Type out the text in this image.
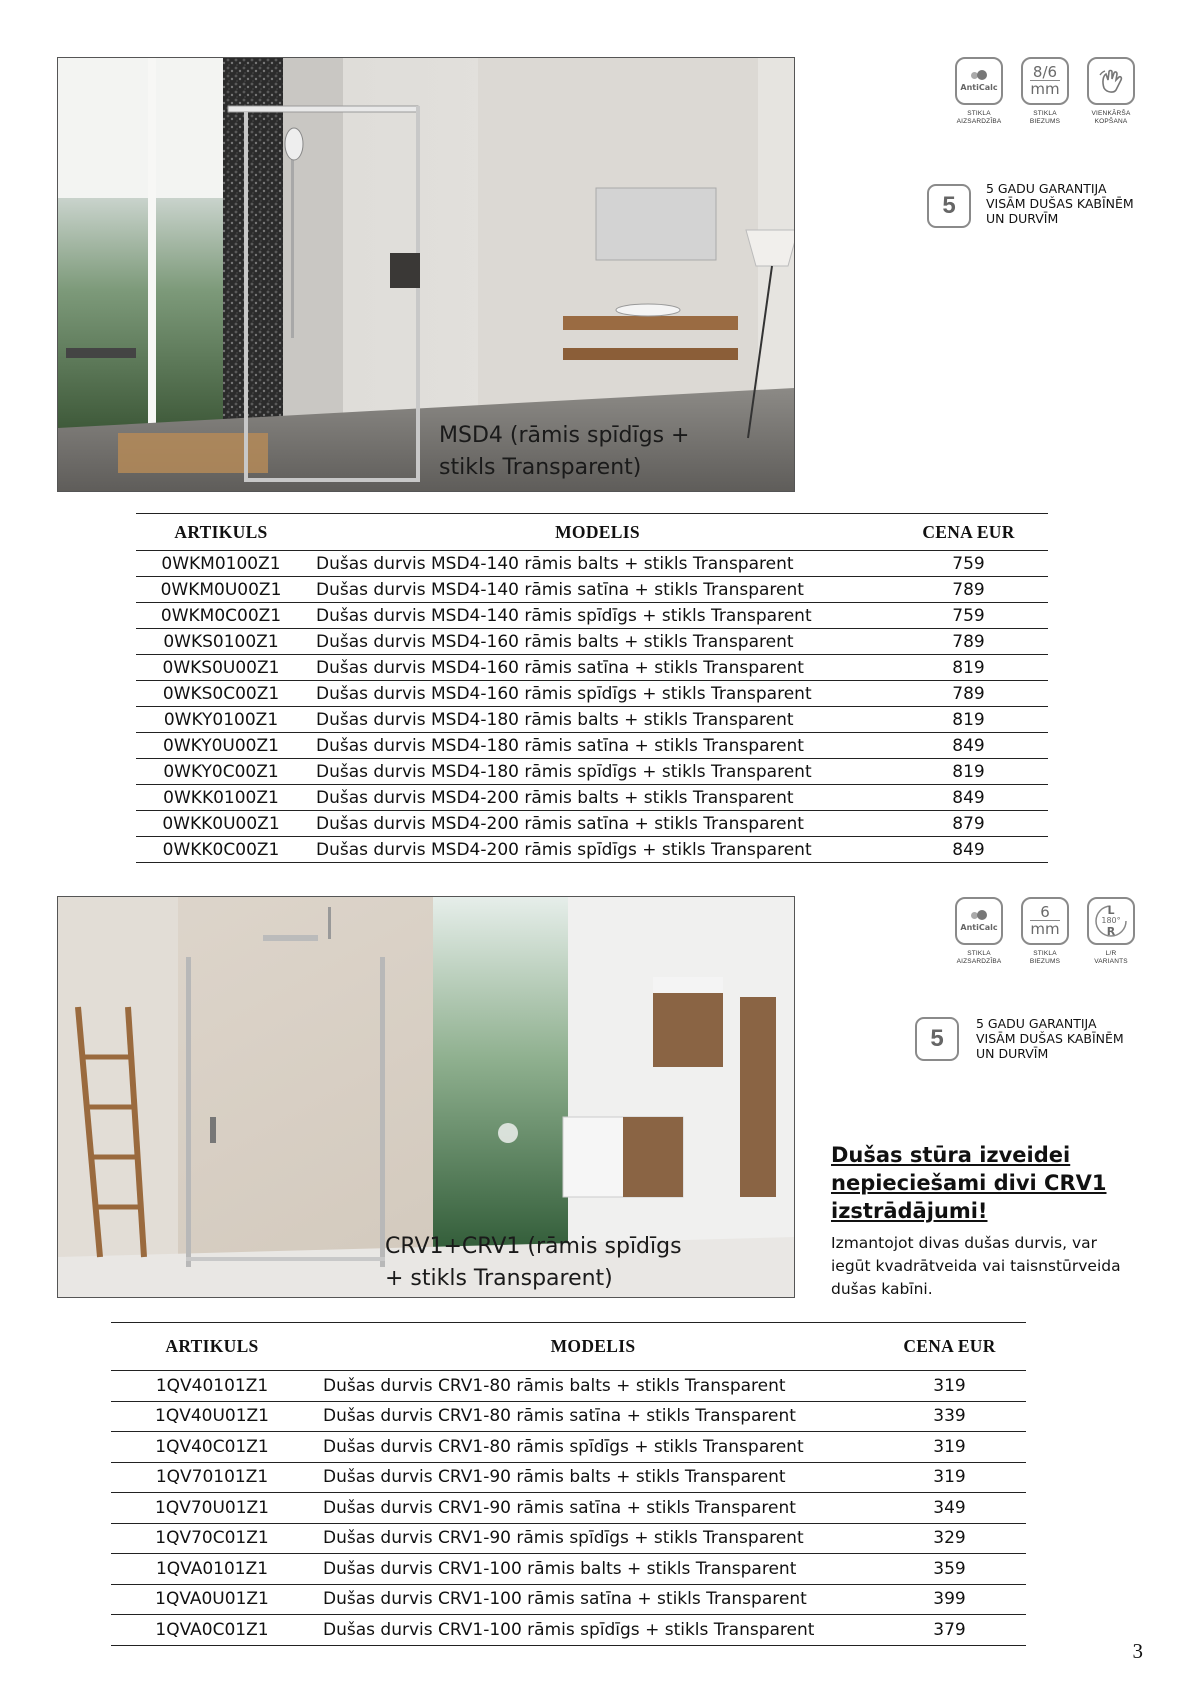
MSD4 (rāmis spīdīgs +
stikls Transparent)
AntiCalc
STIKLA
AIZSARDZĪBA
8/6
mm
STIKLA
BIEZUMS
VIENKĀRŠA
KOPŠANA
5
5 GADU GARANTIJA
VISĀM DUŠAS KABĪNĒM
UN DURVĪM
ARTIKULS	MODELIS	CENA EUR
0WKM0100Z1	Dušas durvis MSD4-140 rāmis balts + stikls Transparent	759
0WKM0U00Z1	Dušas durvis MSD4-140 rāmis satīna + stikls Transparent	789
0WKM0C00Z1	Dušas durvis MSD4-140 rāmis spīdīgs + stikls Transparent	759
0WKS0100Z1	Dušas durvis MSD4-160 rāmis balts + stikls Transparent	789
0WKS0U00Z1	Dušas durvis MSD4-160 rāmis satīna + stikls Transparent	819
0WKS0C00Z1	Dušas durvis MSD4-160 rāmis spīdīgs + stikls Transparent	789
0WKY0100Z1	Dušas durvis MSD4-180 rāmis balts + stikls Transparent	819
0WKY0U00Z1	Dušas durvis MSD4-180 rāmis satīna + stikls Transparent	849
0WKY0C00Z1	Dušas durvis MSD4-180 rāmis spīdīgs + stikls Transparent	819
0WKK0100Z1	Dušas durvis MSD4-200 rāmis balts + stikls Transparent	849
0WKK0U00Z1	Dušas durvis MSD4-200 rāmis satīna + stikls Transparent	879
0WKK0C00Z1	Dušas durvis MSD4-200 rāmis spīdīgs + stikls Transparent	849
CRV1+CRV1 (rāmis spīdīgs
+ stikls Transparent)
AntiCalc
STIKLA
AIZSARDZĪBA
6
mm
STIKLA
BIEZUMS
L
180°
R
L/R
VARIANTS
5
5 GADU GARANTIJA
VISĀM DUŠAS KABĪNĒM
UN DURVĪM
Dušas stūra izveidei
nepieciešami divi CRV1
izstrādājumi!
Izmantojot divas dušas durvis, var
iegūt kvadrātveida vai taisnstūrveida
dušas kabīni.
ARTIKULS	MODELIS	CENA EUR
1QV40101Z1	Dušas durvis CRV1-80 rāmis balts + stikls Transparent	319
1QV40U01Z1	Dušas durvis CRV1-80 rāmis satīna + stikls Transparent	339
1QV40C01Z1	Dušas durvis CRV1-80 rāmis spīdīgs + stikls Transparent	319
1QV70101Z1	Dušas durvis CRV1-90 rāmis balts + stikls Transparent	319
1QV70U01Z1	Dušas durvis CRV1-90 rāmis satīna + stikls Transparent	349
1QV70C01Z1	Dušas durvis CRV1-90 rāmis spīdīgs + stikls Transparent	329
1QVA0101Z1	Dušas durvis CRV1-100 rāmis balts + stikls Transparent	359
1QVA0U01Z1	Dušas durvis CRV1-100 rāmis satīna + stikls Transparent	399
1QVA0C01Z1	Dušas durvis CRV1-100 rāmis spīdīgs + stikls Transparent	379
3
